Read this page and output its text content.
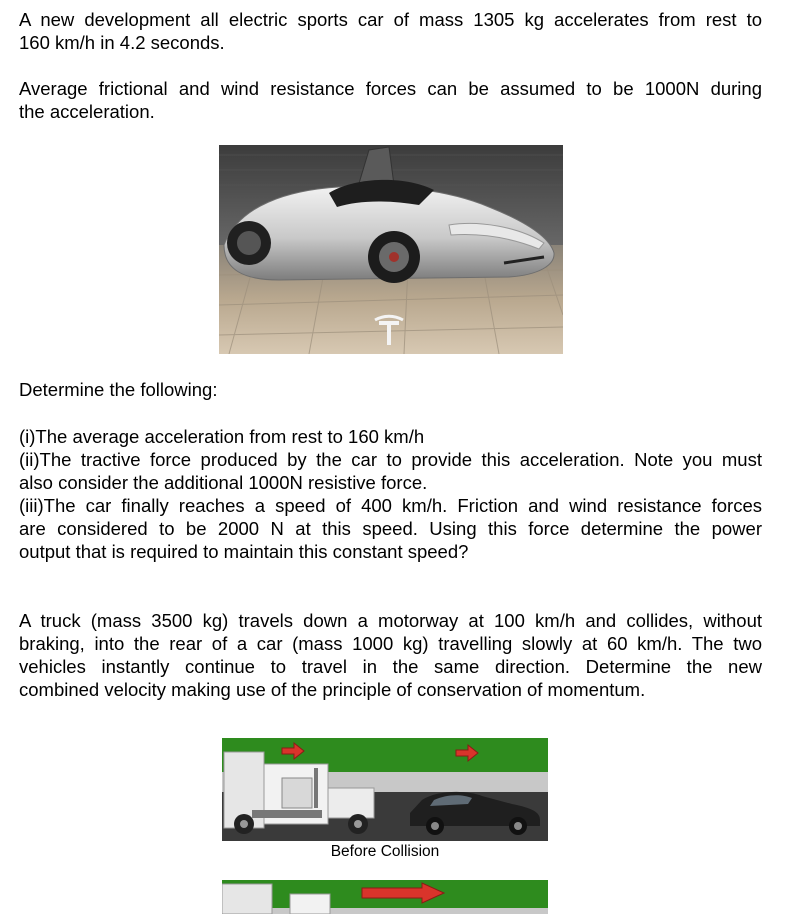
A new development all electric sports car of mass 1305 kg accelerates from rest to
160 km/h in 4.2 seconds.

Average frictional and wind resistance forces can be assumed to be 1000N during
the acceleration.

Determine the following:

(i)The average acceleration from rest to 160 km/h
(ii)The tractive force produced by the car to provide this acceleration. Note you must
also consider the additional 1000N resistive force.
(iii)The car finally reaches a speed of 400 km/h. Friction and wind resistance forces
are considered to be 2000 N at this speed. Using this force determine the power
output that is required to maintain this constant speed?

A truck (mass 3500 kg) travels down a motorway at 100 km/h and collides, without
braking, into the rear of a car (mass 1000 kg) travelling slowly at 60 km/h. The two
vehicles instantly continue to travel in the same direction. Determine the new
combined velocity making use of the principle of conservation of momentum.

Before Collision
